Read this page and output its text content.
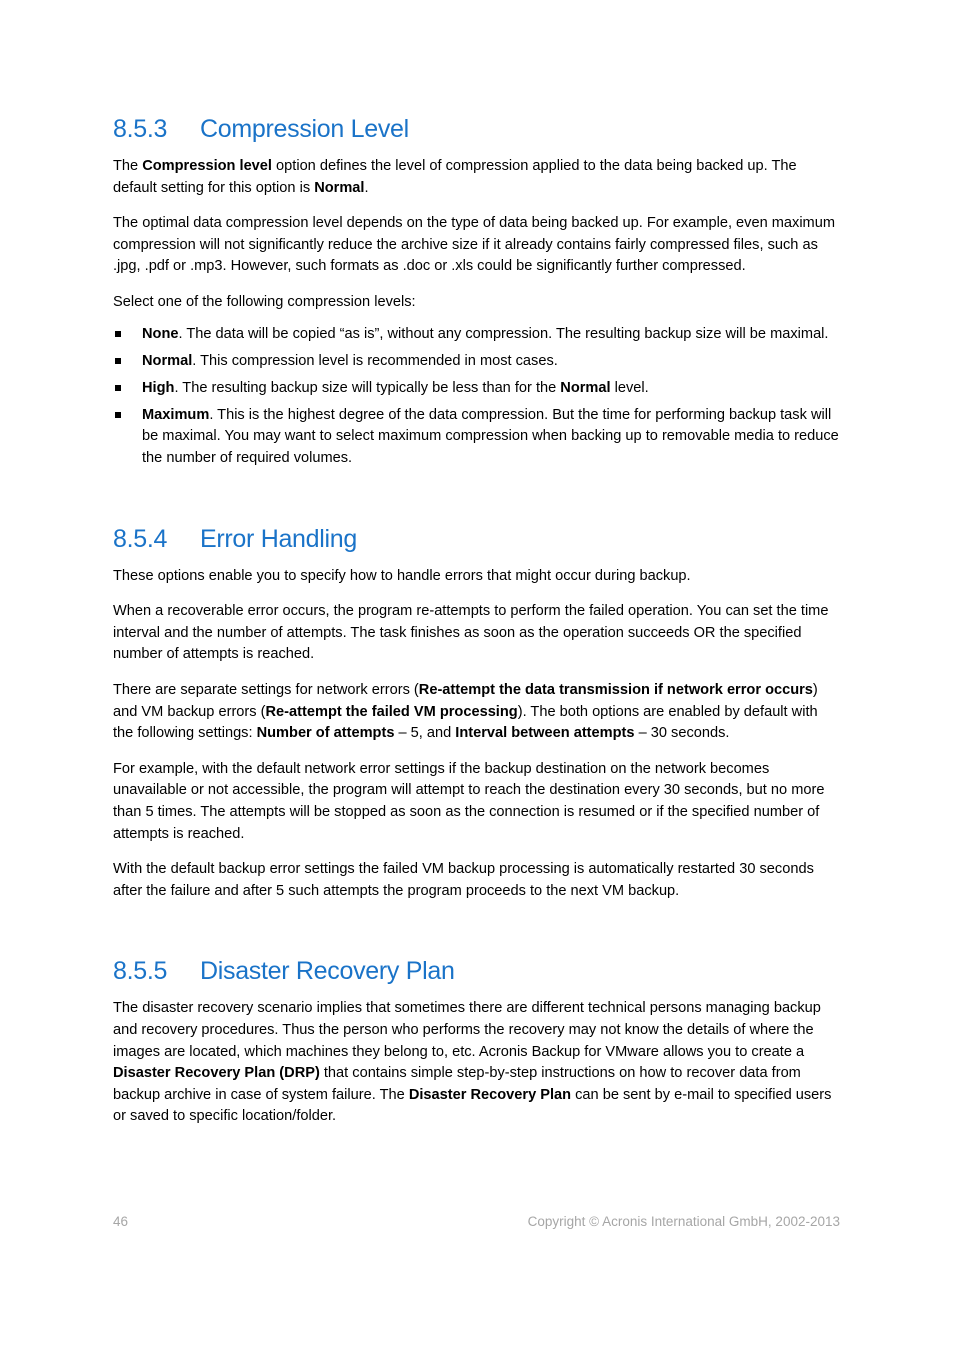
8.5.3 Compression Level

The Compression level option defines the level of compression applied to the data being backed up. The default setting for this option is Normal.

The optimal data compression level depends on the type of data being backed up. For example, even maximum compression will not significantly reduce the archive size if it already contains fairly compressed files, such as .jpg, .pdf or .mp3. However, such formats as .doc or .xls could be significantly further compressed.

Select one of the following compression levels:

None. The data will be copied “as is”, without any compression. The resulting backup size will be maximal.
Normal. This compression level is recommended in most cases.
High. The resulting backup size will typically be less than for the Normal level.
Maximum. This is the highest degree of the data compression. But the time for performing backup task will be maximal. You may want to select maximum compression when backing up to removable media to reduce the number of required volumes.
8.5.4 Error Handling

These options enable you to specify how to handle errors that might occur during backup.

When a recoverable error occurs, the program re-attempts to perform the failed operation. You can set the time interval and the number of attempts. The task finishes as soon as the operation succeeds OR the specified number of attempts is reached.

There are separate settings for network errors (Re-attempt the data transmission if network error occurs) and VM backup errors (Re-attempt the failed VM processing). The both options are enabled by default with the following settings: Number of attempts – 5, and Interval between attempts – 30 seconds.

For example, with the default network error settings if the backup destination on the network becomes unavailable or not accessible, the program will attempt to reach the destination every 30 seconds, but no more than 5 times. The attempts will be stopped as soon as the connection is resumed or if the specified number of attempts is reached.

With the default backup error settings the failed VM backup processing is automatically restarted 30 seconds after the failure and after 5 such attempts the program proceeds to the next VM backup.

8.5.5 Disaster Recovery Plan

The disaster recovery scenario implies that sometimes there are different technical persons managing backup and recovery procedures. Thus the person who performs the recovery may not know the details of where the images are located, which machines they belong to, etc. Acronis Backup for VMware allows you to create a Disaster Recovery Plan (DRP) that contains simple step-by-step instructions on how to recover data from backup archive in case of system failure. The Disaster Recovery Plan can be sent by e-mail to specified users or saved to specific location/folder.

46	Copyright © Acronis International GmbH, 2002-2013
